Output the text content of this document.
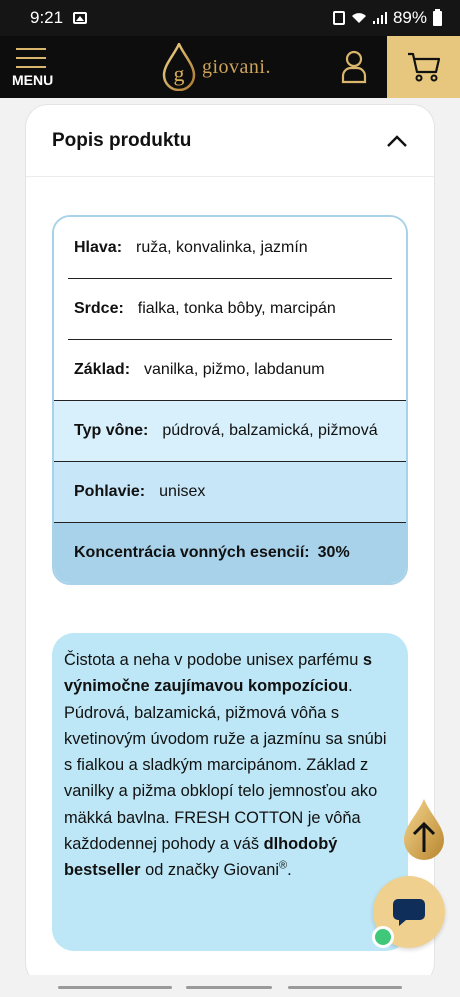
9:21	89%
MENU	g giovani.
Popis produktu
Hlava: ruža, konvalinka, jazmín
Srdce: fialka, tonka bôby, marcipán
Základ: vanilka, pižmo, labdanum
Typ vône: púdrová, balzamická, pižmová
Pohlavie: unisex
Koncentrácia vonných esencií: 30%
Čistota a neha v podobe unisex parfému s výnimočne zaujímavou kompozíciou. Púdrová, balzamická, pižmová vôňa s kvetinovým úvodom ruže a jazmínu sa snúbi s fialkou a sladkým marcipánom. Základ z vanilky a pižma obklopí telo jemnosťou ako mäkká bavlna. FRESH COTTON je vôňa každodennej pohody a váš dlhodobý bestseller od značky Giovani®.
